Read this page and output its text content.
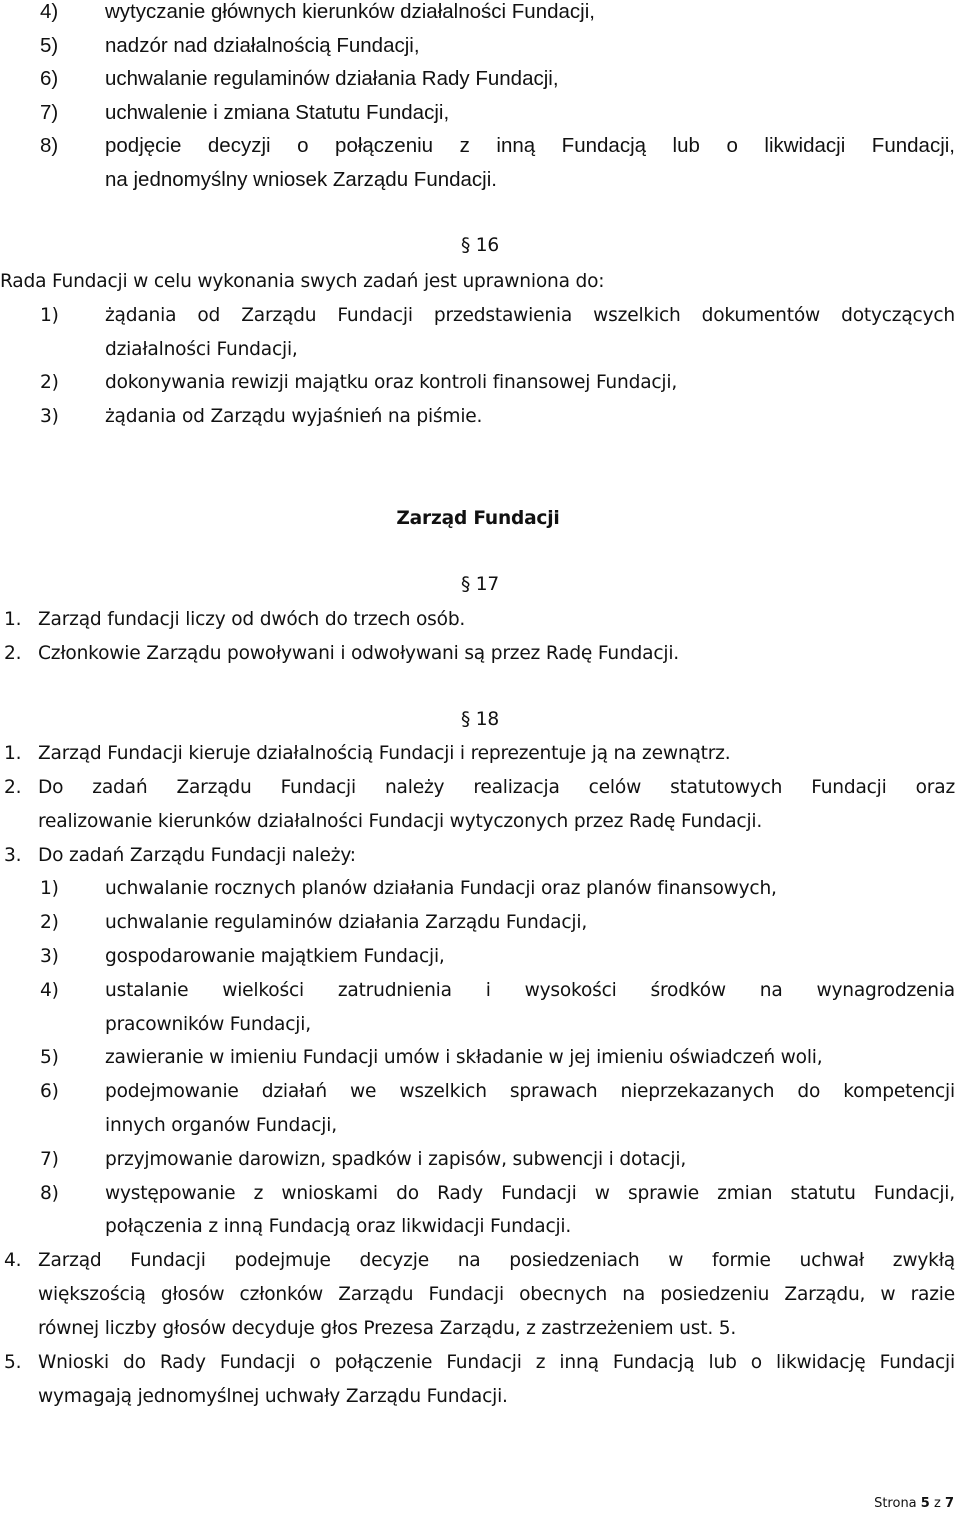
4) wytyczanie głównych kierunków działalności Fundacji,
5) nadzór nad działalnością Fundacji,
6) uchwalanie regulaminów działania Rady Fundacji,
7) uchwalenie i zmiana Statutu Fundacji,
8) podjęcie decyzji o połączeniu z inną Fundacją lub o likwidacji Fundacji,
na jednomyślny wniosek Zarządu Fundacji.
§ 16
Rada Fundacji w celu wykonania swych zadań jest uprawniona do:
1) żądania od Zarządu Fundacji przedstawienia wszelkich dokumentów dotyczących
działalności Fundacji,
2) dokonywania rewizji majątku oraz kontroli finansowej Fundacji,
3) żądania od Zarządu wyjaśnień na piśmie.
Zarząd Fundacji
§ 17
1. Zarząd fundacji liczy od dwóch do trzech osób.
2. Członkowie Zarządu powoływani i odwoływani są przez Radę Fundacji.
§ 18
1. Zarząd Fundacji kieruje działalnością Fundacji i reprezentuje ją na zewnątrz.
2. Do zadań Zarządu Fundacji należy realizacja celów statutowych Fundacji oraz
realizowanie kierunków działalności Fundacji wytyczonych przez Radę Fundacji.
3. Do zadań Zarządu Fundacji należy:
1) uchwalanie rocznych planów działania Fundacji oraz planów finansowych,
2) uchwalanie regulaminów działania Zarządu Fundacji,
3) gospodarowanie majątkiem Fundacji,
4) ustalanie wielkości zatrudnienia i wysokości środków na wynagrodzenia
pracowników Fundacji,
5) zawieranie w imieniu Fundacji umów i składanie w jej imieniu oświadczeń woli,
6) podejmowanie działań we wszelkich sprawach nieprzekazanych do kompetencji
innych organów Fundacji,
7) przyjmowanie darowizn, spadków i zapisów, subwencji i dotacji,
8) występowanie z wnioskami do Rady Fundacji w sprawie zmian statutu Fundacji,
połączenia z inną Fundacją oraz likwidacji Fundacji.
4. Zarząd Fundacji podejmuje decyzje na posiedzeniach w formie uchwał zwykłą
większością głosów członków Zarządu Fundacji obecnych na posiedzeniu Zarządu, w razie
równej liczby głosów decyduje głos Prezesa Zarządu, z zastrzeżeniem ust. 5.
5. Wnioski do Rady Fundacji o połączenie Fundacji z inną Fundacją lub o likwidację Fundacji
wymagają jednomyślnej uchwały Zarządu Fundacji.
Strona 5 z 7
